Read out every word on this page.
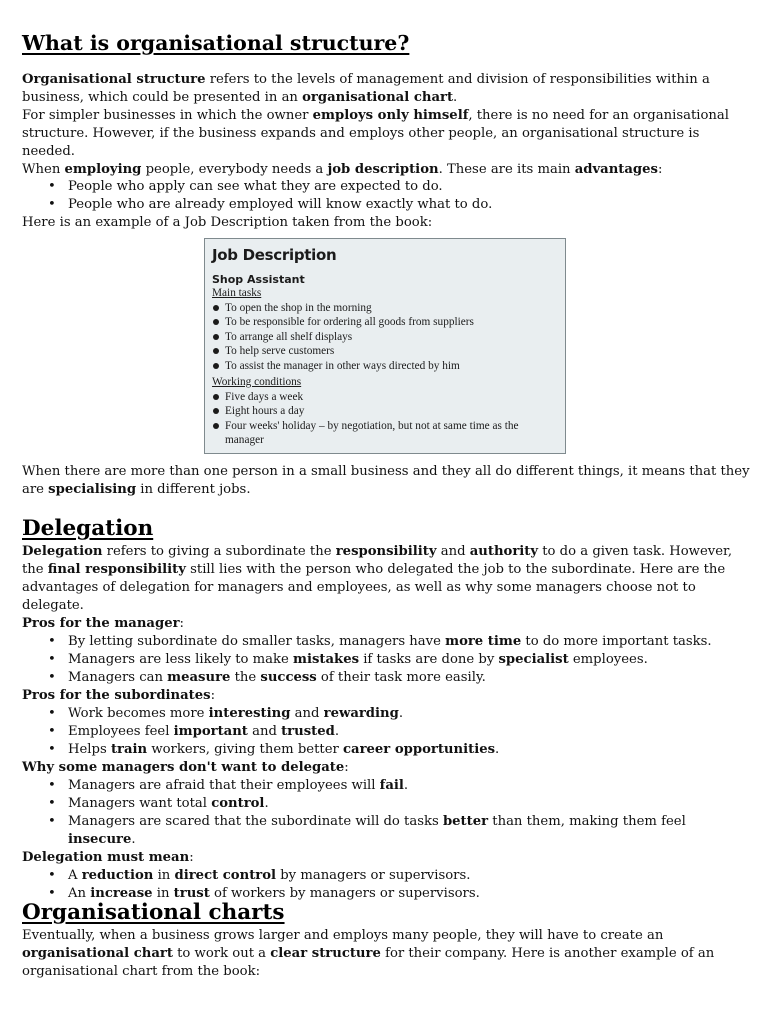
What is organisational structure?

Organisational structure refers to the levels of management and division of responsibilities within a business, which could be presented in an organisational chart.

For simpler businesses in which the owner employs only himself, there is no need for an organisational structure. However, if the business expands and employs other people, an organisational structure is needed.

When employing people, everybody needs a job description. These are its main advantages:

• People who apply can see what they are expected to do.
• People who are already employed will know exactly what to do.

Here is an example of a Job Description taken from the book:

Job Description
Shop Assistant
Main tasks
To open the shop in the morning
To be responsible for ordering all goods from suppliers
To arrange all shelf displays
To help serve customers
To assist the manager in other ways directed by him
Working conditions
Five days a week
Eight hours a day
Four weeks' holiday – by negotiation, but not at same time as the manager

When there are more than one person in a small business and they all do different things, it means that they are specialising in different jobs.

Delegation

Delegation refers to giving a subordinate the responsibility and authority to do a given task. However, the final responsibility still lies with the person who delegated the job to the subordinate. Here are the advantages of delegation for managers and employees, as well as why some managers choose not to delegate.

Pros for the manager:

• By letting subordinate do smaller tasks, managers have more time to do more important tasks.
• Managers are less likely to make mistakes if tasks are done by specialist employees.
• Managers can measure the success of their task more easily.

Pros for the subordinates:

• Work becomes more interesting and rewarding.
• Employees feel important and trusted.
• Helps train workers, giving them better career opportunities.

Why some managers don't want to delegate:

• Managers are afraid that their employees will fail.
• Managers want total control.
• Managers are scared that the subordinate will do tasks better than them, making them feel insecure.

Delegation must mean:

• A reduction in direct control by managers or supervisors.
• An increase in trust of workers by managers or supervisors.
Organisational charts

Eventually, when a business grows larger and employs many people, they will have to create an organisational chart to work out a clear structure for their company. Here is another example of an organisational chart from the book:
